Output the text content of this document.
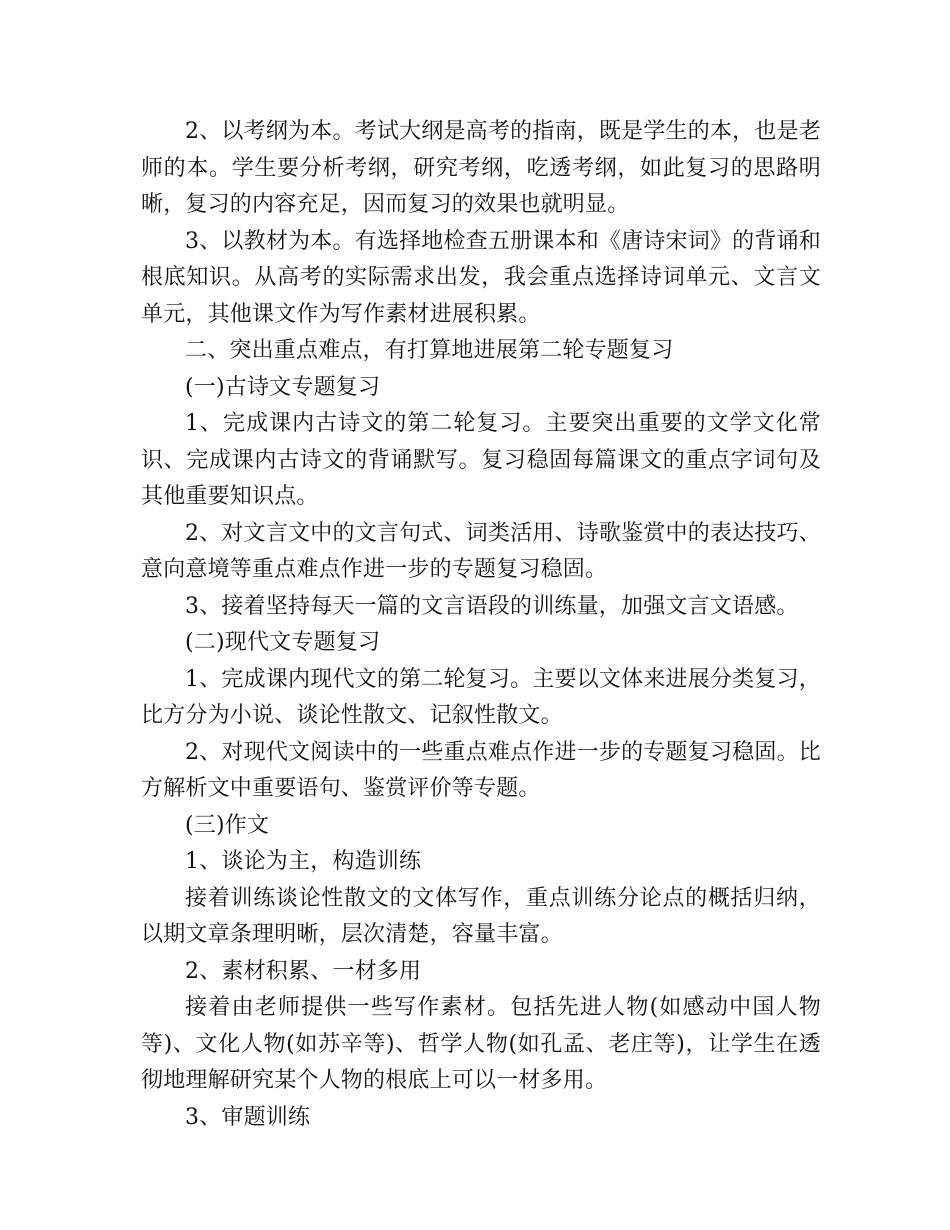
2、以考纲为本。考试大纲是高考的指南，既是学生的本，也是老师的本。学生要分析考纲，研究考纲，吃透考纲，如此复习的思路明晰，复习的内容充足，因而复习的效果也就明显。

3、以教材为本。有选择地检查五册课本和《唐诗宋词》的背诵和根底知识。从高考的实际需求出发，我会重点选择诗词单元、文言文单元，其他课文作为写作素材进展积累。

二、突出重点难点，有打算地进展第二轮专题复习

(一)古诗文专题复习

1、完成课内古诗文的第二轮复习。主要突出重要的文学文化常识、完成课内古诗文的背诵默写。复习稳固每篇课文的重点字词句及其他重要知识点。

2、对文言文中的文言句式、词类活用、诗歌鉴赏中的表达技巧、意向意境等重点难点作进一步的专题复习稳固。

3、接着坚持每天一篇的文言语段的训练量，加强文言文语感。

(二)现代文专题复习

1、完成课内现代文的第二轮复习。主要以文体来进展分类复习，比方分为小说、谈论性散文、记叙性散文。

2、对现代文阅读中的一些重点难点作进一步的专题复习稳固。比方解析文中重要语句、鉴赏评价等专题。

(三)作文

1、谈论为主，构造训练

接着训练谈论性散文的文体写作，重点训练分论点的概括归纳，以期文章条理明晰，层次清楚，容量丰富。

2、素材积累、一材多用

接着由老师提供一些写作素材。包括先进人物(如感动中国人物等)、文化人物(如苏辛等)、哲学人物(如孔孟、老庄等)，让学生在透彻地理解研究某个人物的根底上可以一材多用。

3、审题训练
